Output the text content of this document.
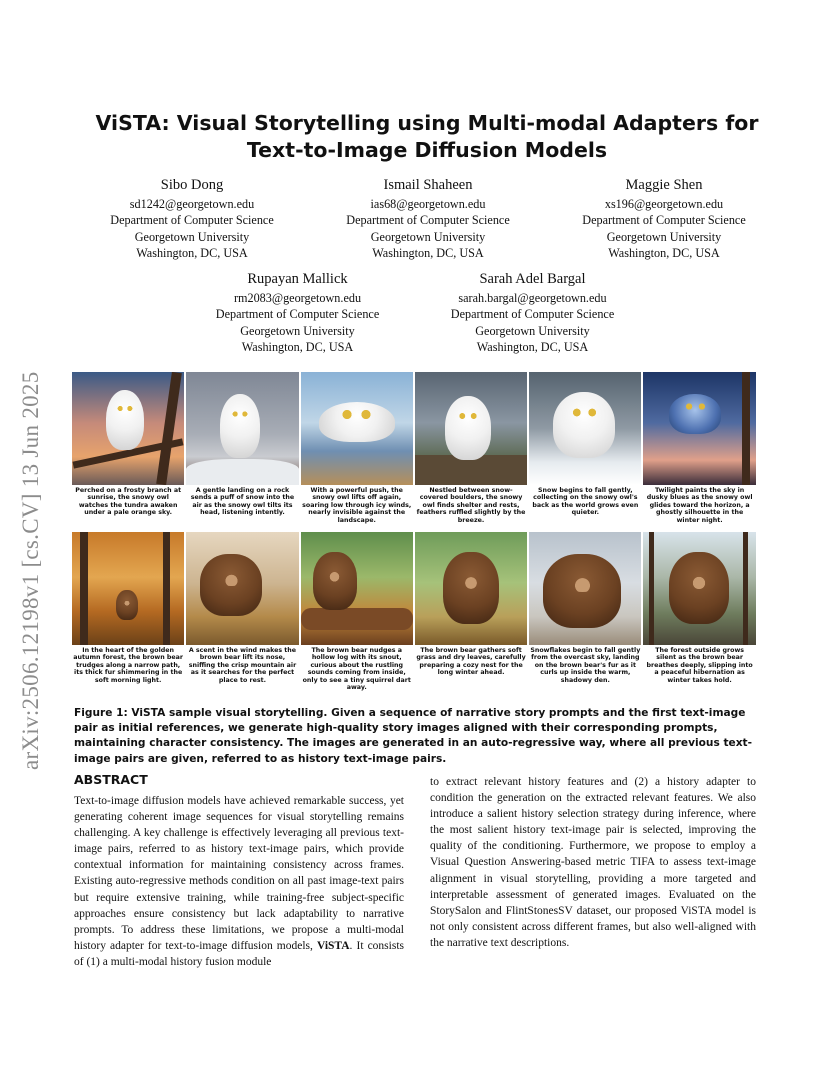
arXiv:2506.12198v1 [cs.CV] 13 Jun 2025
ViSTA: Visual Storytelling using Multi-modal Adapters for Text-to-Image Diffusion Models
Sibo Dong
sd1242@georgetown.edu
Department of Computer Science
Georgetown University
Washington, DC, USA
Ismail Shaheen
ias68@georgetown.edu
Department of Computer Science
Georgetown University
Washington, DC, USA
Maggie Shen
xs196@georgetown.edu
Department of Computer Science
Georgetown University
Washington, DC, USA
Rupayan Mallick
rm2083@georgetown.edu
Department of Computer Science
Georgetown University
Washington, DC, USA
Sarah Adel Bargal
sarah.bargal@georgetown.edu
Department of Computer Science
Georgetown University
Washington, DC, USA
Perched on a frosty branch at sunrise, the snowy owl watches the tundra awaken under a pale orange sky.
A gentle landing on a rock sends a puff of snow into the air as the snowy owl tilts its head, listening intently.
With a powerful push, the snowy owl lifts off again, soaring low through icy winds, nearly invisible against the landscape.
Nestled between snow-covered boulders, the snowy owl finds shelter and rests, feathers ruffled slightly by the breeze.
Snow begins to fall gently, collecting on the snowy owl's back as the world grows even quieter.
Twilight paints the sky in dusky blues as the snowy owl glides toward the horizon, a ghostly silhouette in the winter night.
In the heart of the golden autumn forest, the brown bear trudges along a narrow path, its thick fur shimmering in the soft morning light.
A scent in the wind makes the brown bear lift its nose, sniffing the crisp mountain air as it searches for the perfect place to rest.
The brown bear nudges a hollow log with its snout, curious about the rustling sounds coming from inside, only to see a tiny squirrel dart away.
The brown bear gathers soft grass and dry leaves, carefully preparing a cozy nest for the long winter ahead.
Snowflakes begin to fall gently from the overcast sky, landing on the brown bear's fur as it curls up inside the warm, shadowy den.
The forest outside grows silent as the brown bear breathes deeply, slipping into a peaceful hibernation as winter takes hold.

Figure 1: ViSTA sample visual storytelling. Given a sequence of narrative story prompts and the first text-image pair as initial references, we generate high-quality story images aligned with their corresponding prompts, maintaining character consistency. The images are generated in an auto-regressive way, where all previous text-image pairs are given, referred to as history text-image pairs.

ABSTRACT

Text-to-image diffusion models have achieved remarkable success, yet generating coherent image sequences for visual storytelling remains challenging. A key challenge is effectively leveraging all previous text-image pairs, referred to as history text-image pairs, which provide contextual information for maintaining consistency across frames. Existing auto-regressive methods condition on all past image-text pairs but require extensive training, while training-free subject-specific approaches ensure consistency but lack adaptability to narrative prompts. To address these limitations, we propose a multi-modal history adapter for text-to-image diffusion models, ViSTA. It consists of (1) a multi-modal history fusion module

to extract relevant history features and (2) a history adapter to condition the generation on the extracted relevant features. We also introduce a salient history selection strategy during inference, where the most salient history text-image pair is selected, improving the quality of the conditioning. Furthermore, we propose to employ a Visual Question Answering-based metric TIFA to assess text-image alignment in visual storytelling, providing a more targeted and interpretable assessment of generated images. Evaluated on the StorySalon and FlintStonesSV dataset, our proposed ViSTA model is not only consistent across different frames, but also well-aligned with the narrative text descriptions.
